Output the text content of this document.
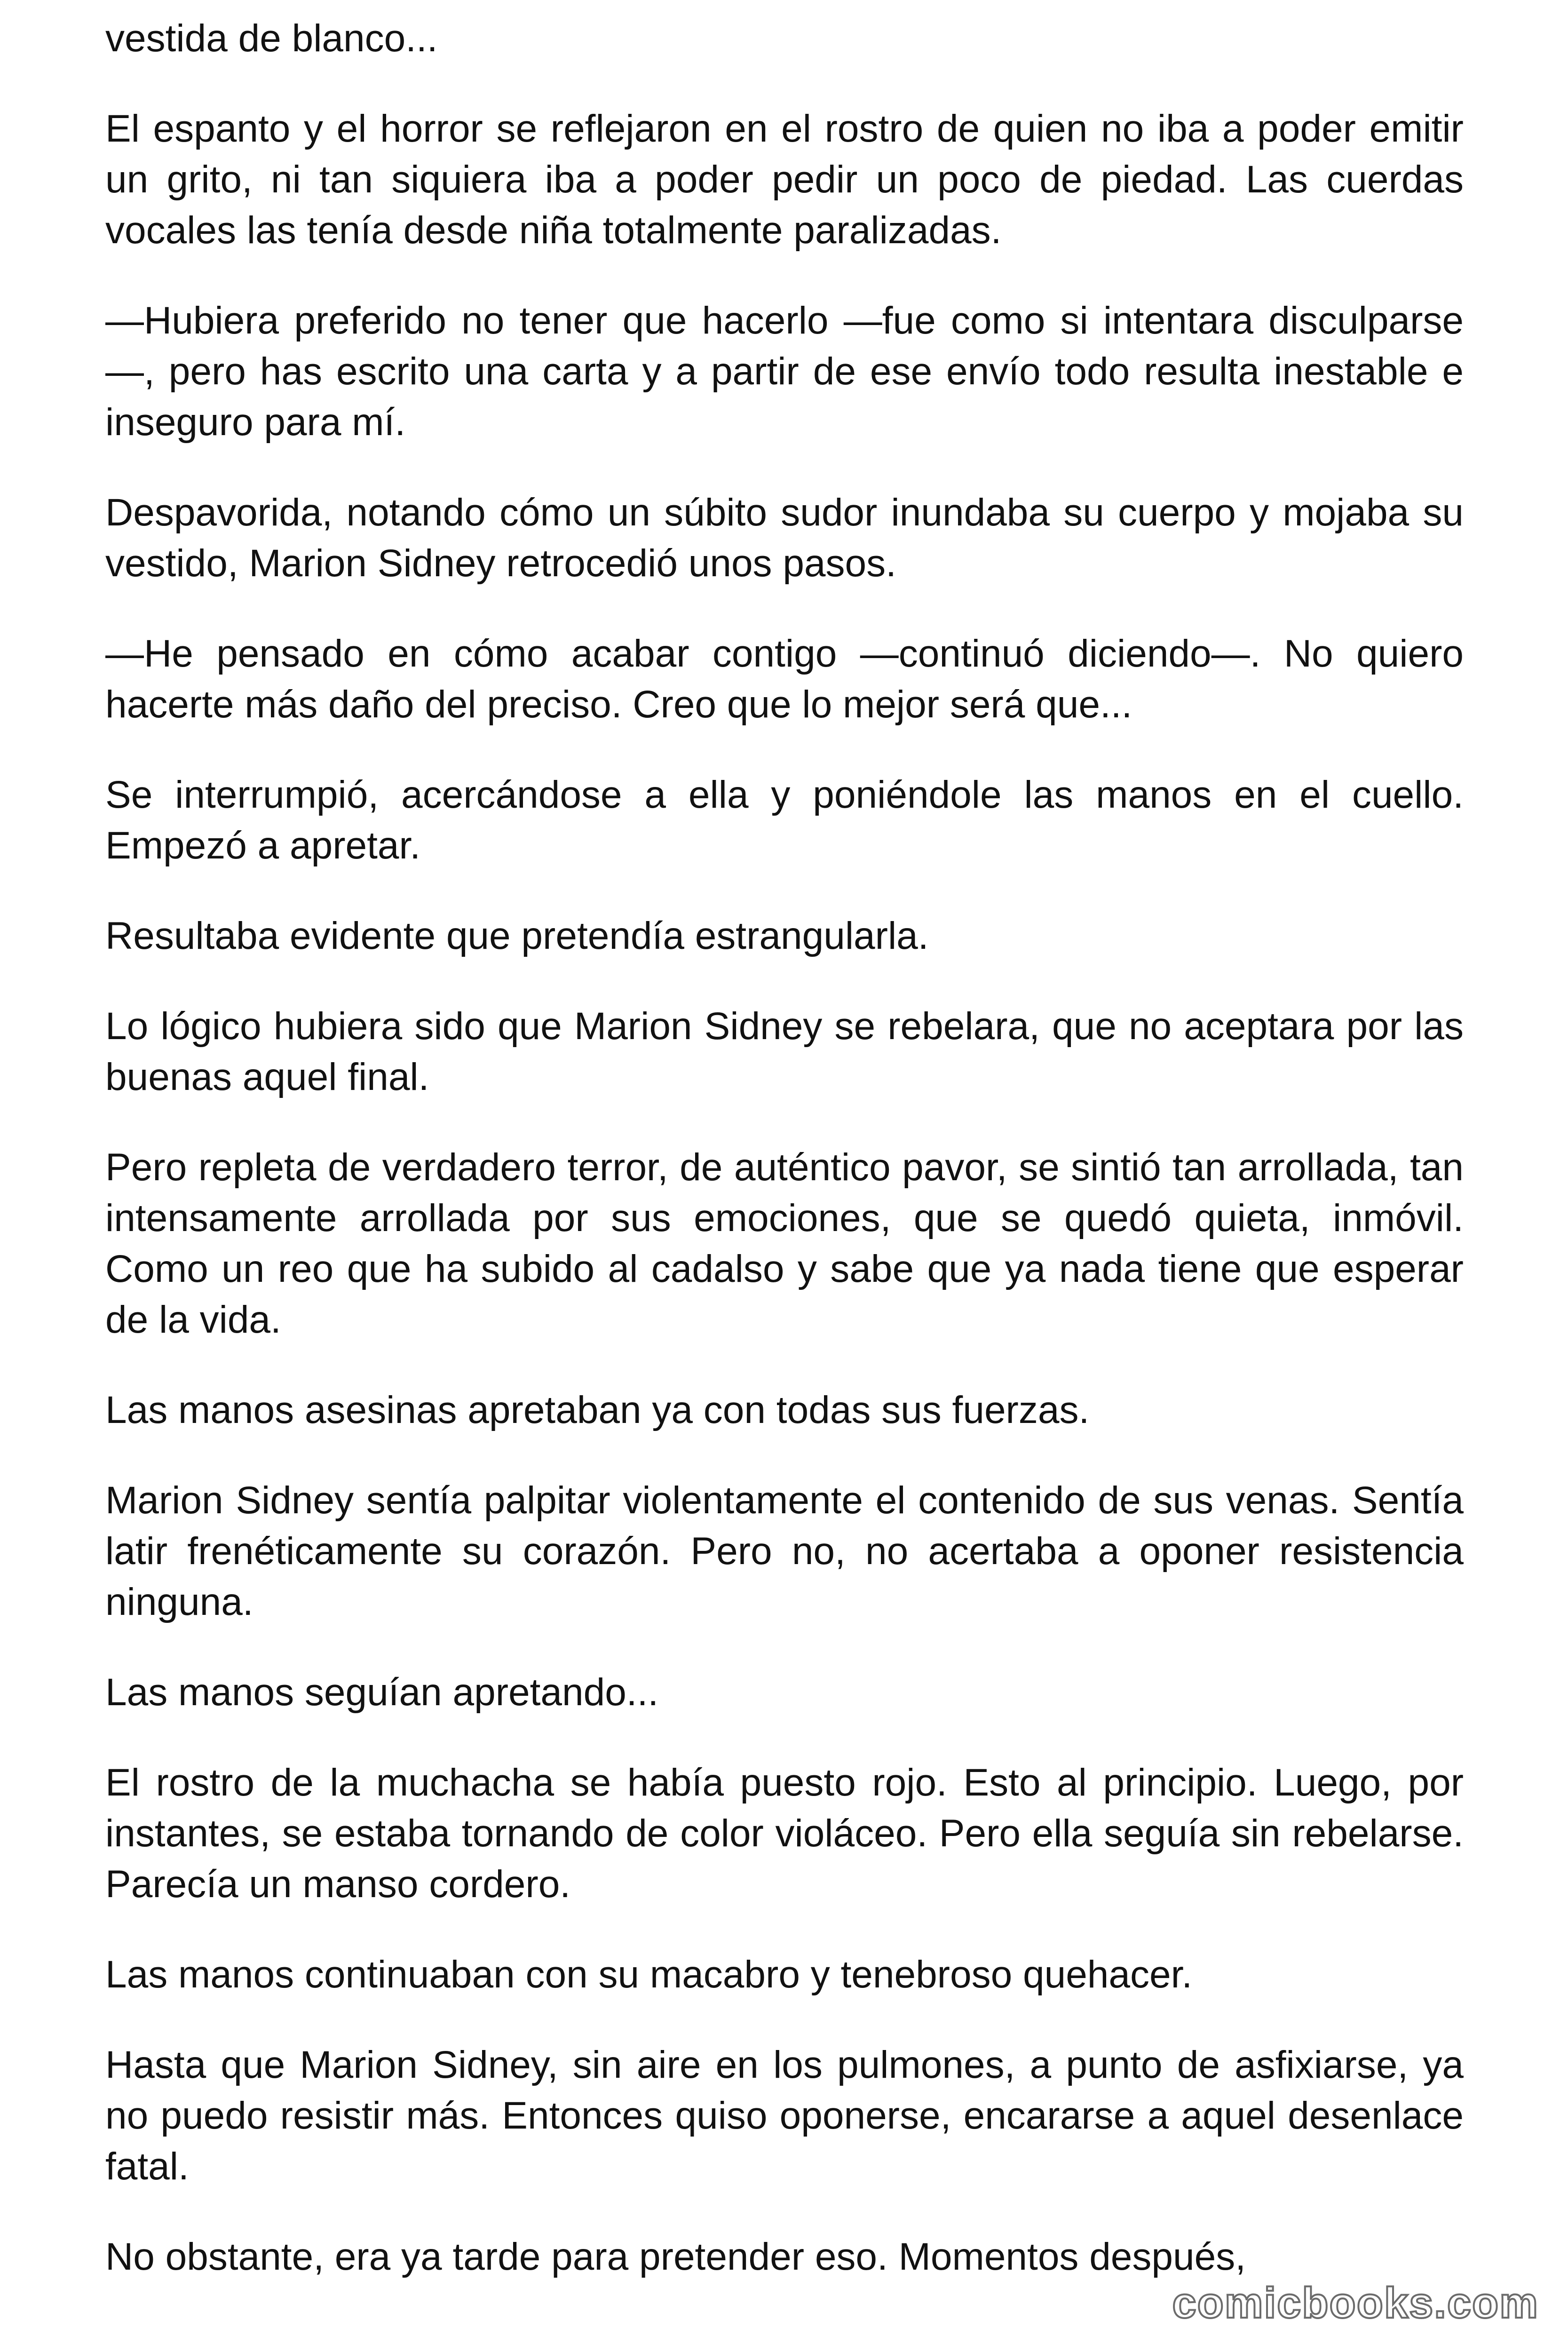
vestida de blanco...

El espanto y el horror se reflejaron en el rostro de quien no iba a poder emitir un grito, ni tan siquiera iba a poder pedir un poco de piedad. Las cuerdas vocales las tenía desde niña totalmente paralizadas.

—Hubiera preferido no tener que hacerlo —fue como si intentara disculparse—, pero has escrito una carta y a partir de ese envío todo resulta inestable e inseguro para mí.

Despavorida, notando cómo un súbito sudor inundaba su cuerpo y mojaba su vestido, Marion Sidney retrocedió unos pasos.

—He pensado en cómo acabar contigo —continuó diciendo—. No quiero hacerte más daño del preciso. Creo que lo mejor será que...

Se interrumpió, acercándose a ella y poniéndole las manos en el cuello. Empezó a apretar.

Resultaba evidente que pretendía estrangularla.

Lo lógico hubiera sido que Marion Sidney se rebelara, que no aceptara por las buenas aquel final.

Pero repleta de verdadero terror, de auténtico pavor, se sintió tan arrollada, tan intensamente arrollada por sus emociones, que se quedó quieta, inmóvil. Como un reo que ha subido al cadalso y sabe que ya nada tiene que esperar de la vida.

Las manos asesinas apretaban ya con todas sus fuerzas.

Marion Sidney sentía palpitar violentamente el contenido de sus venas. Sentía latir frenéticamente su corazón. Pero no, no acertaba a oponer resistencia ninguna.

Las manos seguían apretando...

El rostro de la muchacha se había puesto rojo. Esto al principio. Luego, por instantes, se estaba tornando de color violáceo. Pero ella seguía sin rebelarse. Parecía un manso cordero.

Las manos continuaban con su macabro y tenebroso quehacer.

Hasta que Marion Sidney, sin aire en los pulmones, a punto de asfixiarse, ya no puedo resistir más. Entonces quiso oponerse, encararse a aquel desenlace fatal.

No obstante, era ya tarde para pretender eso. Momentos después,

comicbooks.com
